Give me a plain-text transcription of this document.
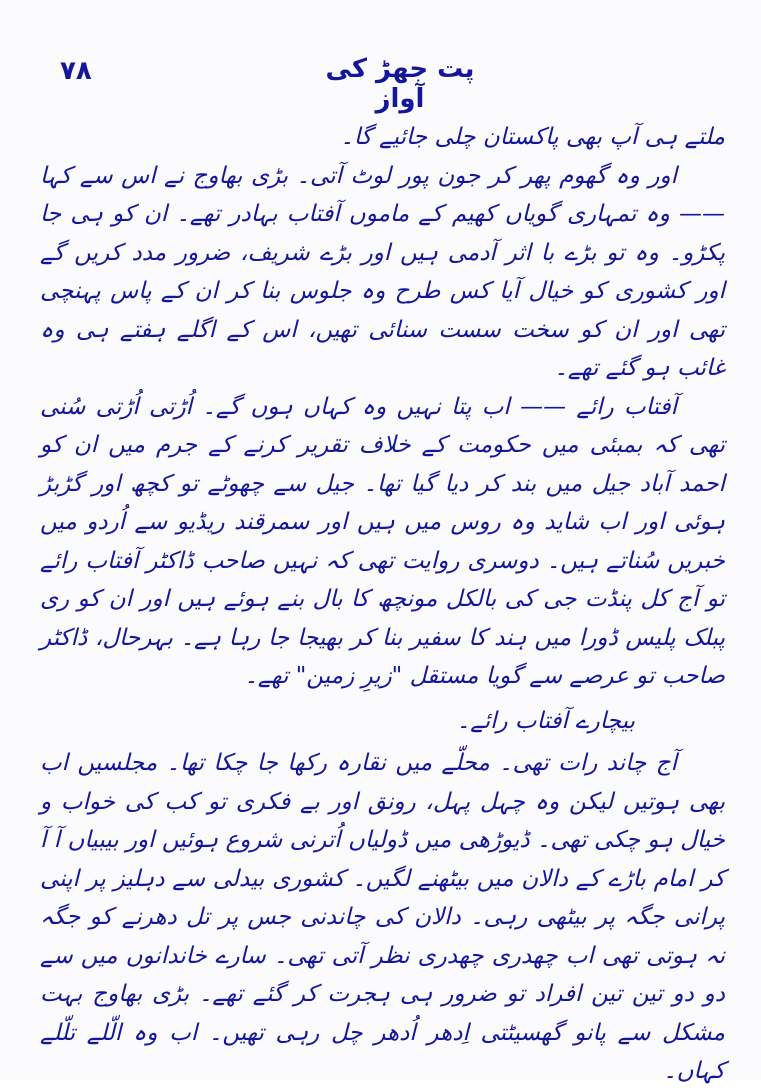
۷۸	پت جھڑ کی آواز

ملتے ہی آپ بھی پاکستان چلی جائیے گا۔

اور وہ گھوم پھر کر جون پور لوٹ آتی۔ بڑی بھاوج نے اس سے کہا —— وہ تمہاری گویاں کھیم کے ماموں آفتاب بہادر تھے۔ ان کو ہی جا پکڑو۔ وہ تو بڑے با اثر آدمی ہیں اور بڑے شریف، ضرور مدد کریں گے اور کشوری کو خیال آیا کس طرح وہ جلوس بنا کر ان کے پاس پہنچی تھی اور ان کو سخت سست سنائی تھیں، اس کے اگلے ہفتے ہی وہ غائب ہو گئے تھے۔

آفتاب رائے —— اب پتا نہیں وہ کہاں ہوں گے۔ اُڑتی اُڑتی سُنی تھی کہ بمبئی میں حکومت کے خلاف تقریر کرنے کے جرم میں ان کو احمد آباد جیل میں بند کر دیا گیا تھا۔ جیل سے چھوٹے تو کچھ اور گڑبڑ ہوئی اور اب شاید وہ روس میں ہیں اور سمرقند ریڈیو سے اُردو میں خبریں سُناتے ہیں۔ دوسری روایت تھی کہ نہیں صاحب ڈاکٹر آفتاب رائے تو آج کل پنڈت جی کی بالکل مونچھ کا بال بنے ہوئے ہیں اور ان کو ری پبلک پلیس ڈورا میں ہند کا سفیر بنا کر بھیجا جا رہا ہے۔ بہرحال، ڈاکٹر صاحب تو عرصے سے گویا مستقل "زیرِ زمین" تھے۔

بیچارے آفتاب رائے۔

آج چاند رات تھی۔ محلّے میں نقارہ رکھا جا چکا تھا۔ مجلسیں اب بھی ہوتیں لیکن وہ چہل پہل، رونق اور بے فکری تو کب کی خواب و خیال ہو چکی تھی۔ ڈیوڑھی میں ڈولیاں اُترنی شروع ہوئیں اور بیبیاں آ آ کر امام باڑے کے دالان میں بیٹھنے لگیں۔ کشوری بیدلی سے دہلیز پر اپنی پرانی جگہ پر بیٹھی رہی۔ دالان کی چاندنی جس پر تل دھرنے کو جگہ نہ ہوتی تھی اب چھدری چھدری نظر آتی تھی۔ سارے خاندانوں میں سے دو دو تین تین افراد تو ضرور ہی ہجرت کر گئے تھے۔ بڑی بھاوج بہت مشکل سے پانو گھسیٹتی اِدھر اُدھر چل رہی تھیں۔ اب وہ الّلے تلّلے کہاں۔
